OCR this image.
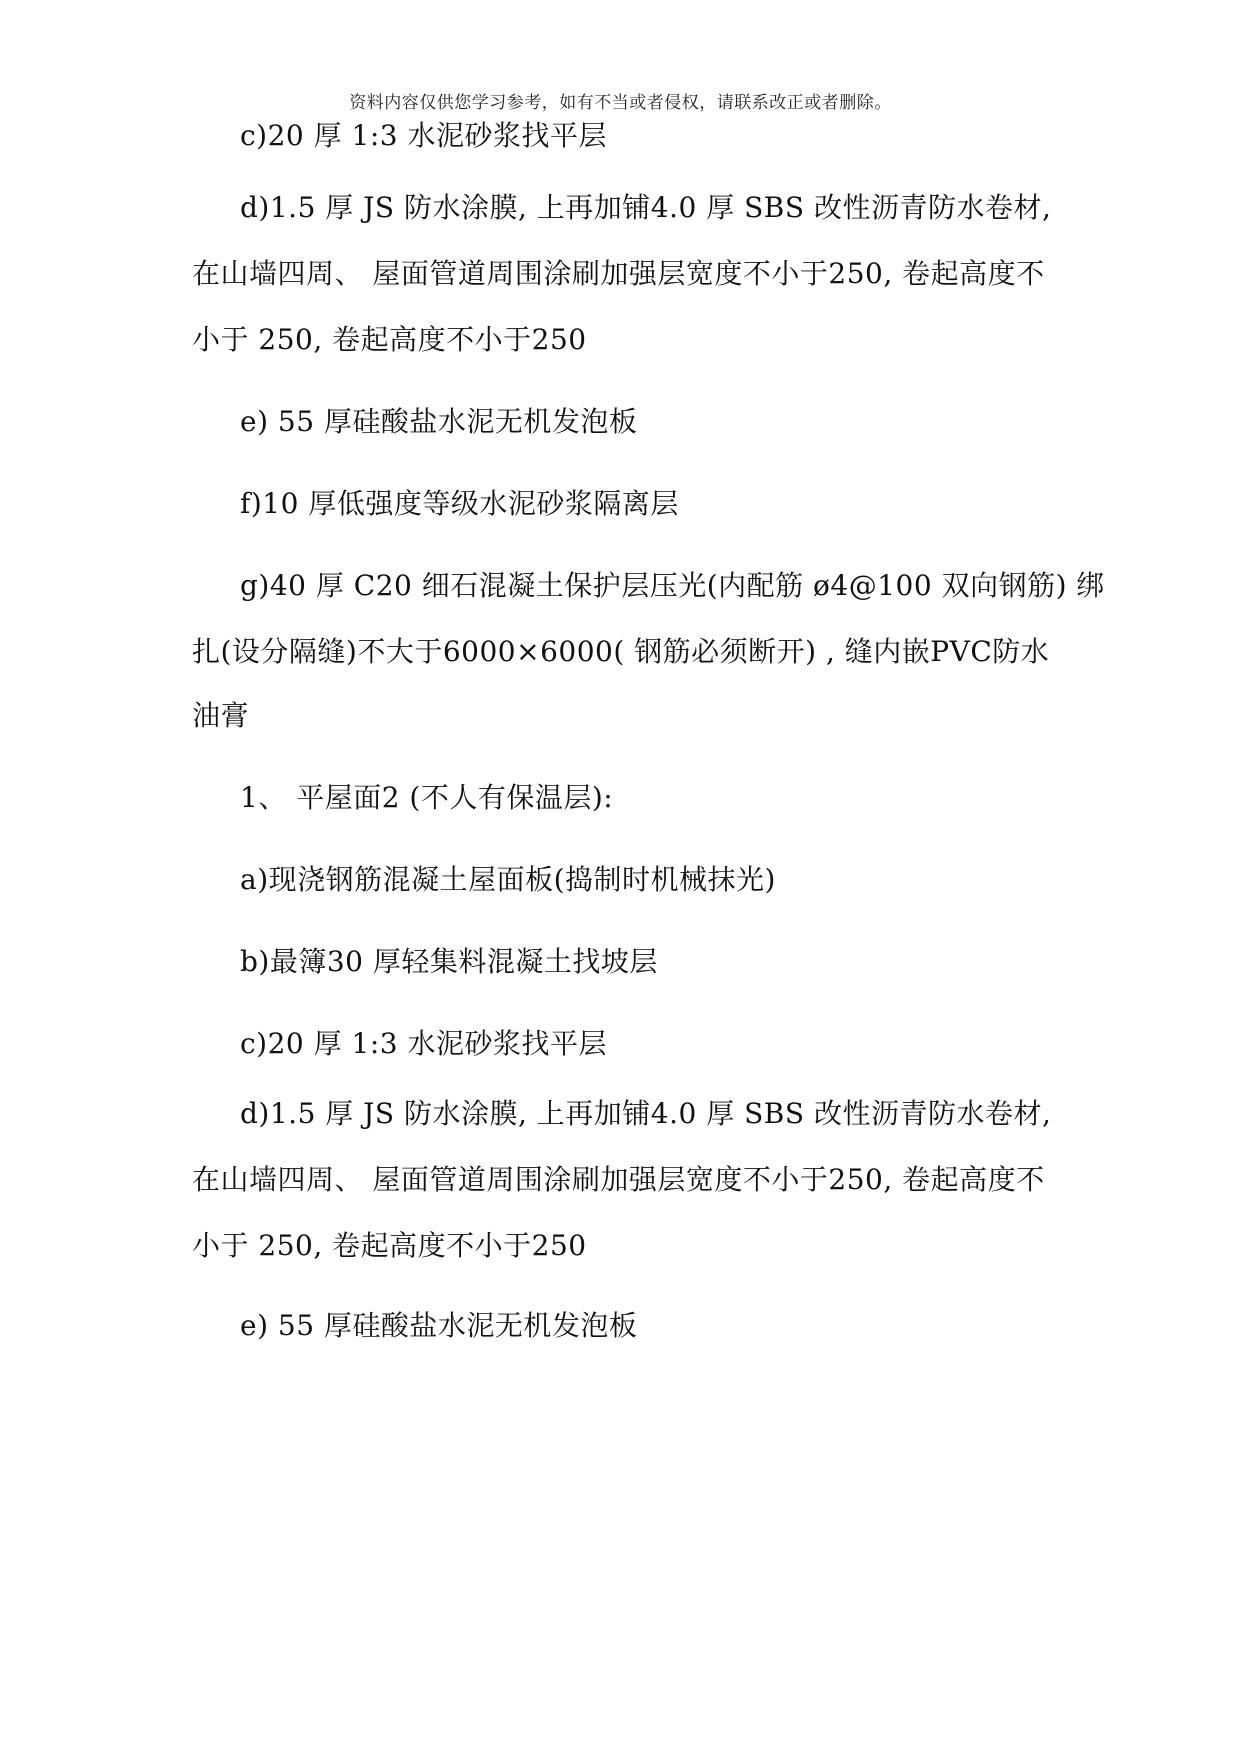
资料内容仅供您学习参考，如有不当或者侵权，请联系改正或者删除。
c)20 厚 1:3 水泥砂浆找平层
d)1.5 厚 JS 防水涂膜, 上再加铺4.0 厚 SBS 改性沥青防水卷材,
在山墙四周、 屋面管道周围涂刷加强层宽度不小于250, 卷起高度不
小于 250, 卷起高度不小于250
e) 55 厚硅酸盐水泥无机发泡板
f)10 厚低强度等级水泥砂浆隔离层
g)40 厚 C20 细石混凝土保护层压光(内配筋 ø4@100 双向钢筋) 绑
扎(设分隔缝)不大于6000×6000( 钢筋必须断开) , 缝内嵌PVC防水
油膏
1、 平屋面2 (不人有保温层):
a)现浇钢筋混凝土屋面板(捣制时机械抹光)
b)最簿30 厚轻集料混凝土找坡层
c)20 厚 1:3 水泥砂浆找平层
d)1.5 厚 JS 防水涂膜, 上再加铺4.0 厚 SBS 改性沥青防水卷材,
在山墙四周、 屋面管道周围涂刷加强层宽度不小于250, 卷起高度不
小于 250, 卷起高度不小于250
e) 55 厚硅酸盐水泥无机发泡板
